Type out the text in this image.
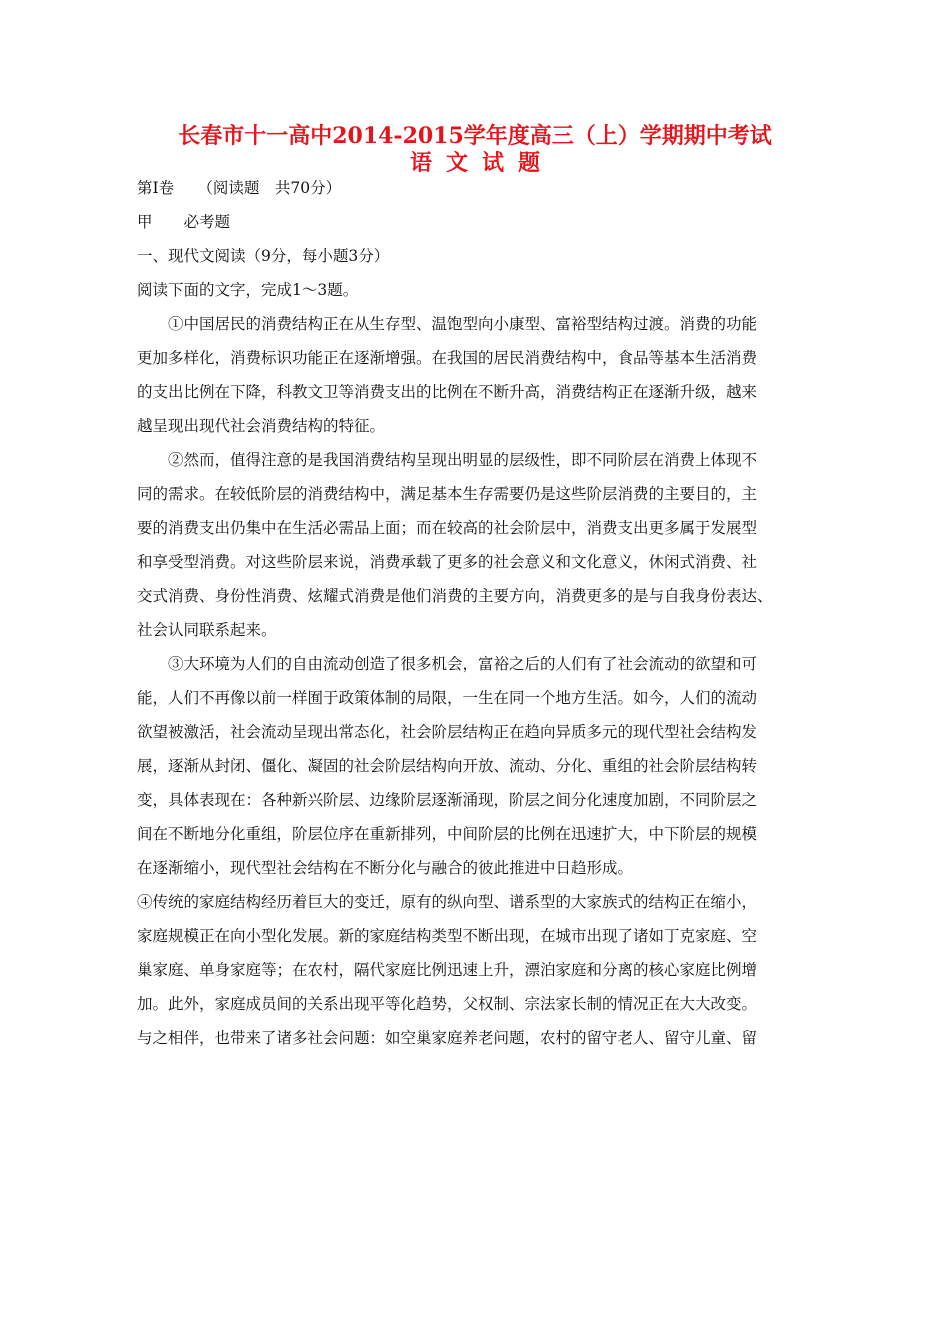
长春市十一高中2014-2015学年度高三（上）学期期中考试
语文试题
第Ⅰ卷　　（阅读题　共70分）
甲　　必考题
一、现代文阅读（9分，每小题3分）
阅读下面的文字，完成1～3题。
①中国居民的消费结构正在从生存型、温饱型向小康型、富裕型结构过渡。消费的功能
更加多样化，消费标识功能正在逐渐增强。在我国的居民消费结构中，食品等基本生活消费
的支出比例在下降，科教文卫等消费支出的比例在不断升高，消费结构正在逐渐升级，越来
越呈现出现代社会消费结构的特征。
②然而，值得注意的是我国消费结构呈现出明显的层级性，即不同阶层在消费上体现不
同的需求。在较低阶层的消费结构中，满足基本生存需要仍是这些阶层消费的主要目的，主
要的消费支出仍集中在生活必需品上面；而在较高的社会阶层中，消费支出更多属于发展型
和享受型消费。对这些阶层来说，消费承载了更多的社会意义和文化意义，休闲式消费、社
交式消费、身份性消费、炫耀式消费是他们消费的主要方向，消费更多的是与自我身份表达、
社会认同联系起来。
③大环境为人们的自由流动创造了很多机会，富裕之后的人们有了社会流动的欲望和可
能，人们不再像以前一样囿于政策体制的局限，一生在同一个地方生活。如今，人们的流动
欲望被激活，社会流动呈现出常态化，社会阶层结构正在趋向异质多元的现代型社会结构发
展，逐渐从封闭、僵化、凝固的社会阶层结构向开放、流动、分化、重组的社会阶层结构转
变，具体表现在：各种新兴阶层、边缘阶层逐渐涌现，阶层之间分化速度加剧，不同阶层之
间在不断地分化重组，阶层位序在重新排列，中间阶层的比例在迅速扩大，中下阶层的规模
在逐渐缩小，现代型社会结构在不断分化与融合的彼此推进中日趋形成。
④传统的家庭结构经历着巨大的变迁，原有的纵向型、谱系型的大家族式的结构正在缩小，
家庭规模正在向小型化发展。新的家庭结构类型不断出现，在城市出现了诸如丁克家庭、空
巢家庭、单身家庭等；在农村，隔代家庭比例迅速上升，漂泊家庭和分离的核心家庭比例增
加。此外，家庭成员间的关系出现平等化趋势，父权制、宗法家长制的情况正在大大改变。
与之相伴，也带来了诸多社会问题：如空巢家庭养老问题，农村的留守老人、留守儿童、留
